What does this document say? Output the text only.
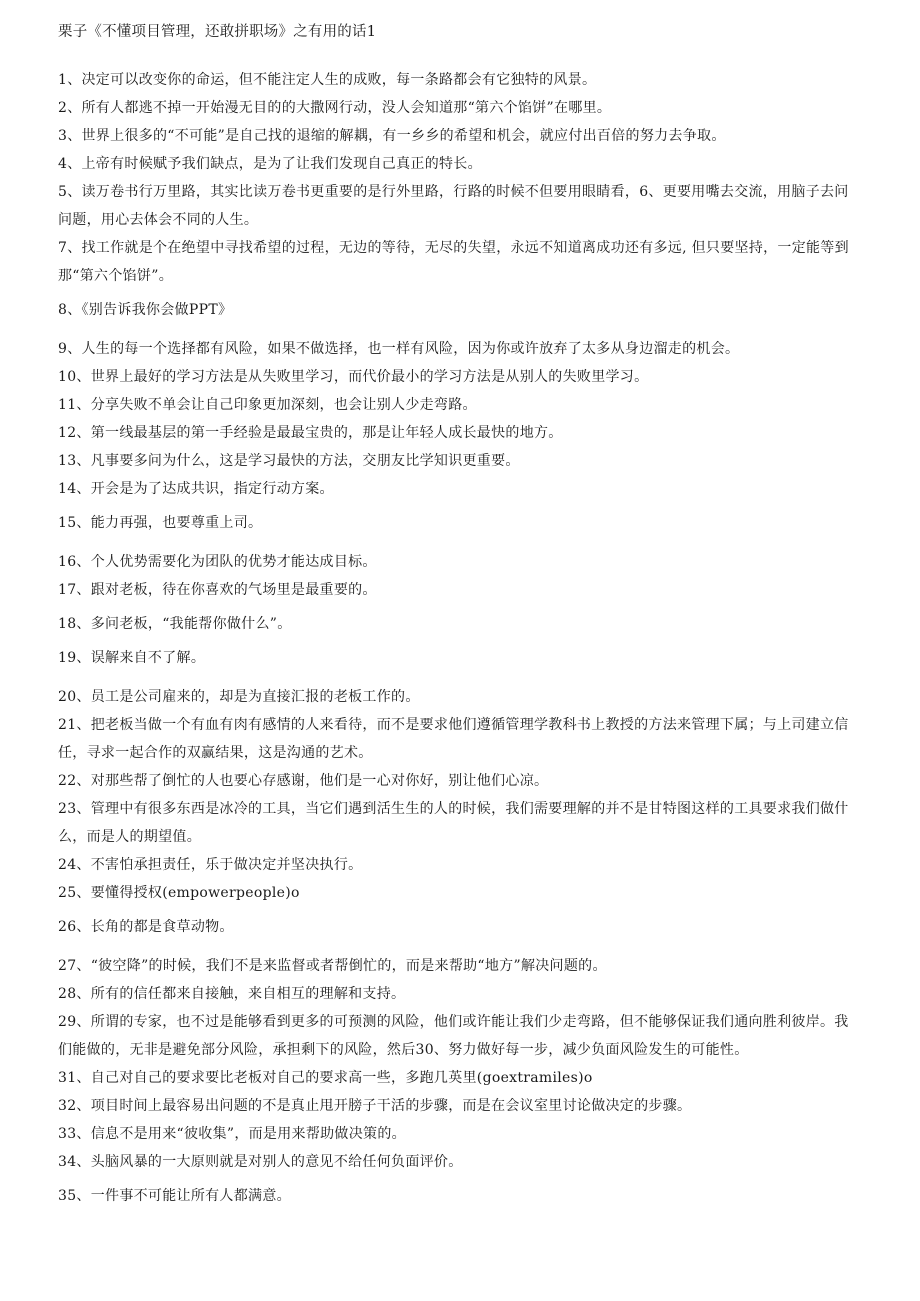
栗子《不懂项目管理，还敢拼职场》之有用的话1

1、决定可以改变你的命运，但不能注定人生的成败，每一条路都会有它独特的风景。

2、所有人都逃不掉一开始漫无目的的大撒网行动，没人会知道那“第六个馅饼”在哪里。

3、世界上很多的“不可能”是自己找的退缩的解耦，有一乡乡的希望和机会，就应付出百倍的努力去争取。

4、上帝有时候赋予我们缺点，是为了让我们发现自己真正的特长。

5、读万卷书行万里路，其实比读万卷书更重要的是行外里路，行路的时候不但要用眼睛看，6、更要用嘴去交流，用脑子去问问题，用心去体会不同的人生。

7、找工作就是个在绝望中寻找希望的过程，无边的等待，无尽的失望，永远不知道离成功还有多远, 但只要坚持，一定能等到那“第六个馅饼”。

8、《别告诉我你会做PPT》

9、人生的每一个选择都有风险，如果不做选择，也一样有风险，因为你或许放弃了太多从身边溜走的机会。

10、世界上最好的学习方法是从失败里学习，而代价最小的学习方法是从别人的失败里学习。

11、分享失败不单会让自己印象更加深刻，也会让别人少走弯路。

12、第一线最基层的第一手经验是最最宝贵的，那是让年轻人成长最快的地方。

13、凡事要多问为什么，这是学习最快的方法，交朋友比学知识更重要。

14、开会是为了达成共识，指定行动方案。

15、能力再强，也要尊重上司。

16、个人优势需要化为团队的优势才能达成目标。

17、跟对老板，待在你喜欢的气场里是最重要的。

18、多问老板，“我能帮你做什么”。

19、误解来自不了解。

20、员工是公司雇来的，却是为直接汇报的老板工作的。

21、把老板当做一个有血有肉有感情的人来看待，而不是要求他们遵循管理学教科书上教授的方法来管理下属；与上司建立信任，寻求一起合作的双赢结果，这是沟通的艺术。

22、对那些帮了倒忙的人也要心存感谢，他们是一心对你好，别让他们心凉。

23、管理中有很多东西是冰冷的工具，当它们遇到活生生的人的时候，我们需要理解的并不是甘特图这样的工具要求我们做什么，而是人的期望值。

24、不害怕承担责任，乐于做决定并坚决执行。

25、要懂得授权(empowerpeople)o

26、长角的都是食草动物。

27、“彼空降”的时候，我们不是来监督或者帮倒忙的，而是来帮助“地方”解决问题的。

28、所有的信任都来自接触，来自相互的理解和支持。

29、所谓的专家，也不过是能够看到更多的可预测的风险，他们或许能让我们少走弯路，但不能够保证我们通向胜利彼岸。我们能做的，无非是避免部分风险，承担剩下的风险，然后30、努力做好每一步，减少负面风险发生的可能性。

31、自己对自己的要求要比老板对自己的要求高一些，多跑几英里(goextramiles)o

32、项目时间上最容易出问题的不是真止甩开膀子干活的步骤，而是在会议室里讨论做决定的步骤。

33、信息不是用来“彼收集”，而是用来帮助做决策的。

34、头脑风暴的一大原则就是对别人的意见不给任何负面评价。

35、一件事不可能让所有人都满意。
